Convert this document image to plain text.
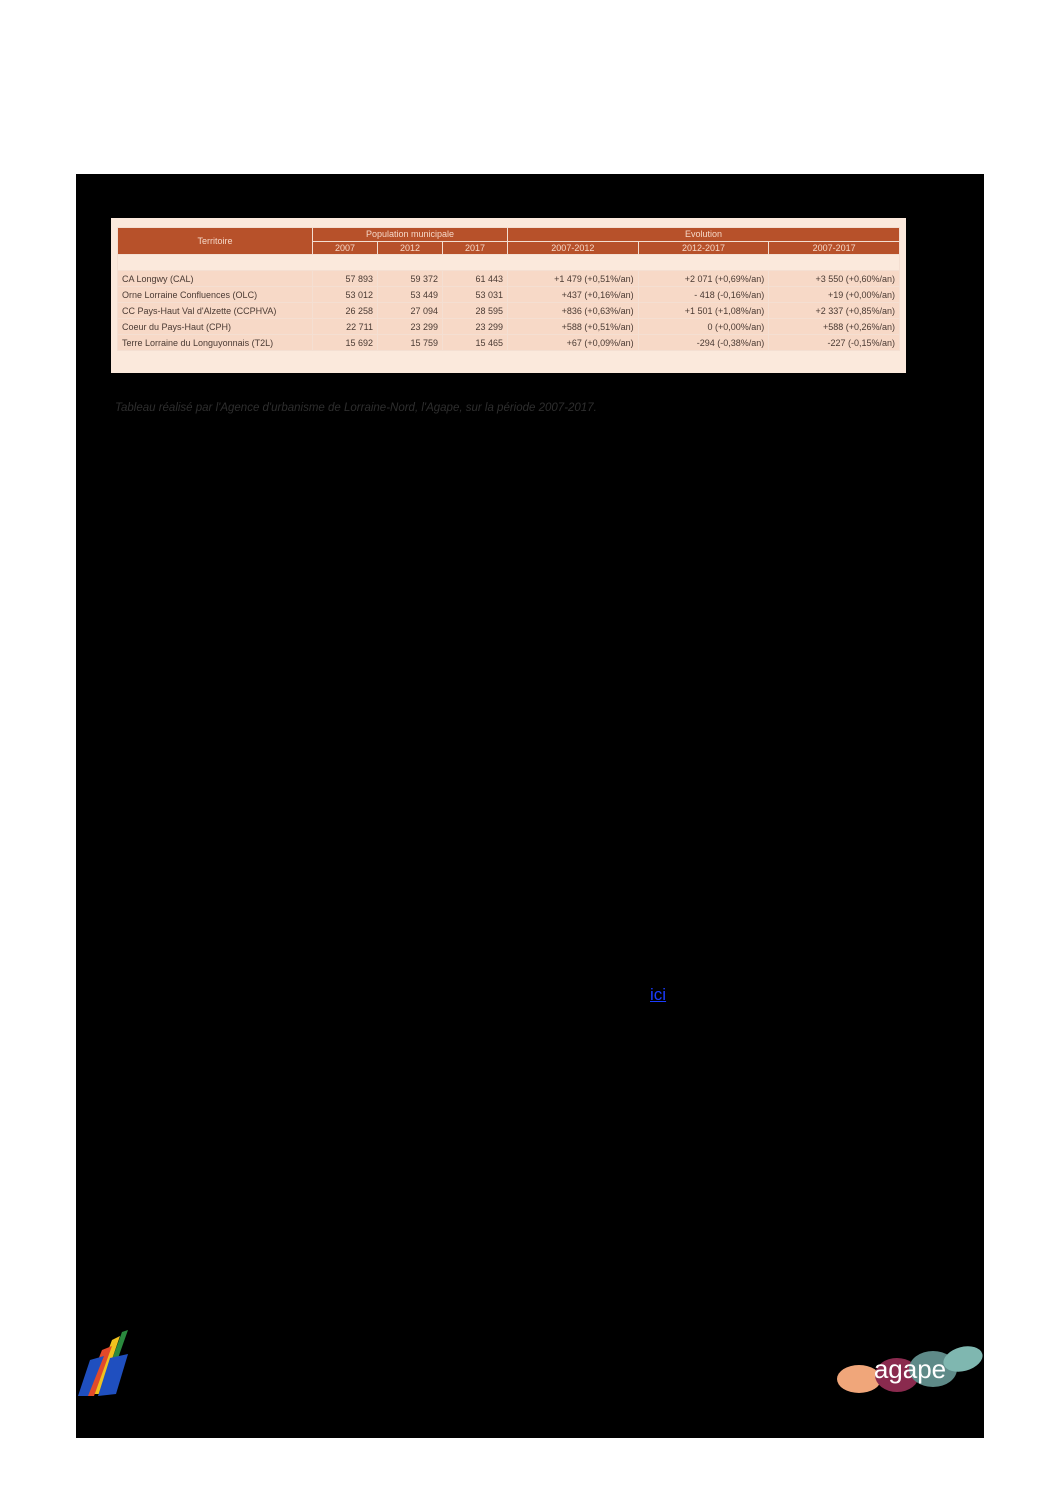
Territoire	Population municipale			Evolution		
	2007	2012	2017	2007-2012	2012-2017	2007-2017

CA Longwy (CAL)	57 893	59 372	61 443	+1 479 (+0,51%/an)	+2 071 (+0,69%/an)	+3 550 (+0,60%/an)
Orne Lorraine Confluences (OLC)	53 012	53 449	53 031	+437 (+0,16%/an)	- 418 (-0,16%/an)	+19 (+0,00%/an)
CC Pays-Haut Val d'Alzette (CCPHVA)	26 258	27 094	28 595	+836 (+0,63%/an)	+1 501 (+1,08%/an)	+2 337 (+0,85%/an)
Coeur du Pays-Haut (CPH)	22 711	23 299	23 299	+588 (+0,51%/an)	0 (+0,00%/an)	+588 (+0,26%/an)
Terre Lorraine du Longuyonnais (T2L)	15 692	15 759	15 465	+67 (+0,09%/an)	-294 (-0,38%/an)	-227 (-0,15%/an)
Tableau réalisé par l'Agence d'urbanisme de Lorraine-Nord, l'Agape, sur la période 2007-2017.
ici
agape
